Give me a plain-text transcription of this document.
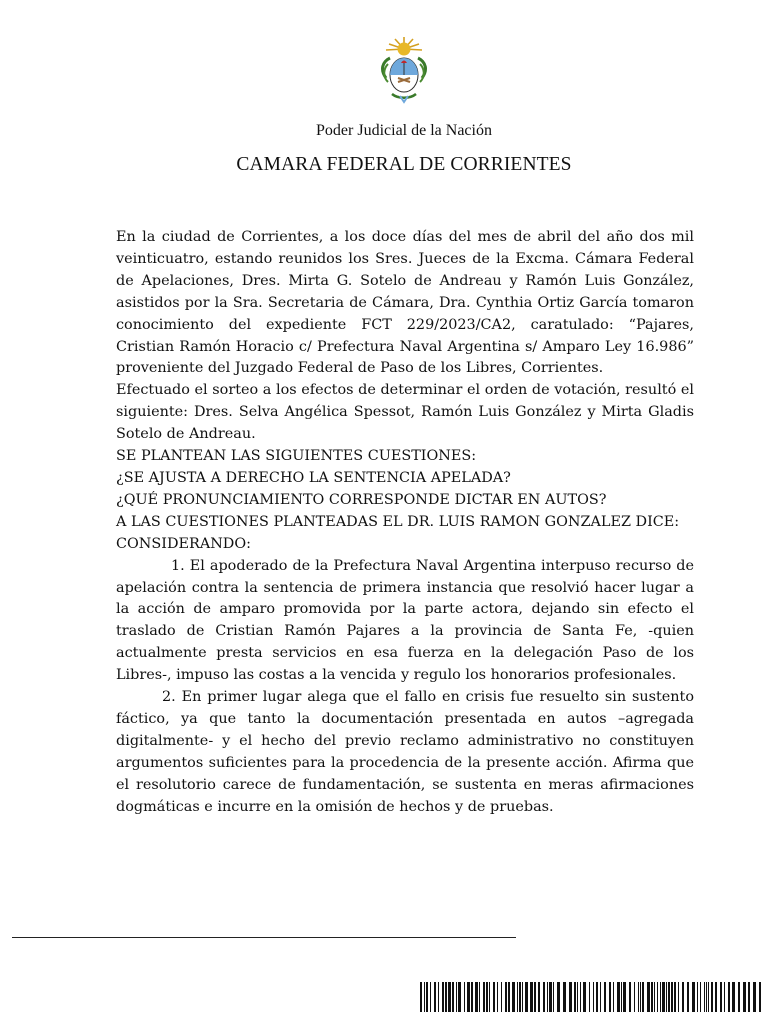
Poder Judicial de la Nación
CAMARA FEDERAL DE CORRIENTES

En la ciudad de Corrientes, a los doce días del mes de abril del año dos mil veinticuatro, estando reunidos los Sres. Jueces de la Excma. Cámara Federal de Apelaciones, Dres. Mirta G. Sotelo de Andreau y Ramón Luis González, asistidos por la Sra. Secretaria de Cámara, Dra. Cynthia Ortiz García tomaron conocimiento del expediente FCT 229/2023/CA2, caratulado: “Pajares, Cristian Ramón Horacio c/ Prefectura Naval Argentina s/ Amparo Ley 16.986” proveniente del Juzgado Federal de Paso de los Libres, Corrientes.

Efectuado el sorteo a los efectos de determinar el orden de votación, resultó el siguiente: Dres. Selva Angélica Spessot, Ramón Luis González y Mirta Gladis Sotelo de Andreau.

SE PLANTEAN LAS SIGUIENTES CUESTIONES:

¿SE AJUSTA A DERECHO LA SENTENCIA APELADA?

¿QUÉ PRONUNCIAMIENTO CORRESPONDE DICTAR EN AUTOS?

A LAS CUESTIONES PLANTEADAS EL DR. LUIS RAMON GONZALEZ DICE:

CONSIDERANDO:

1. El apoderado de la Prefectura Naval Argentina interpuso recurso de apelación contra la sentencia de primera instancia que resolvió hacer lugar a la acción de amparo promovida por la parte actora, dejando sin efecto el traslado de Cristian Ramón Pajares a la provincia de Santa Fe, -quien actualmente presta servicios en esa fuerza en la delegación Paso de los Libres-, impuso las costas a la vencida y regulo los honorarios profesionales.

2. En primer lugar alega que el fallo en crisis fue resuelto sin sustento fáctico, ya que tanto la documentación presentada en autos –agregada digitalmente- y el hecho del previo reclamo administrativo no constituyen argumentos suficientes para la procedencia de la presente acción. Afirma que el resolutorio carece de fundamentación, se sustenta en meras afirmaciones dogmáticas e incurre en la omisión de hechos y de pruebas.
